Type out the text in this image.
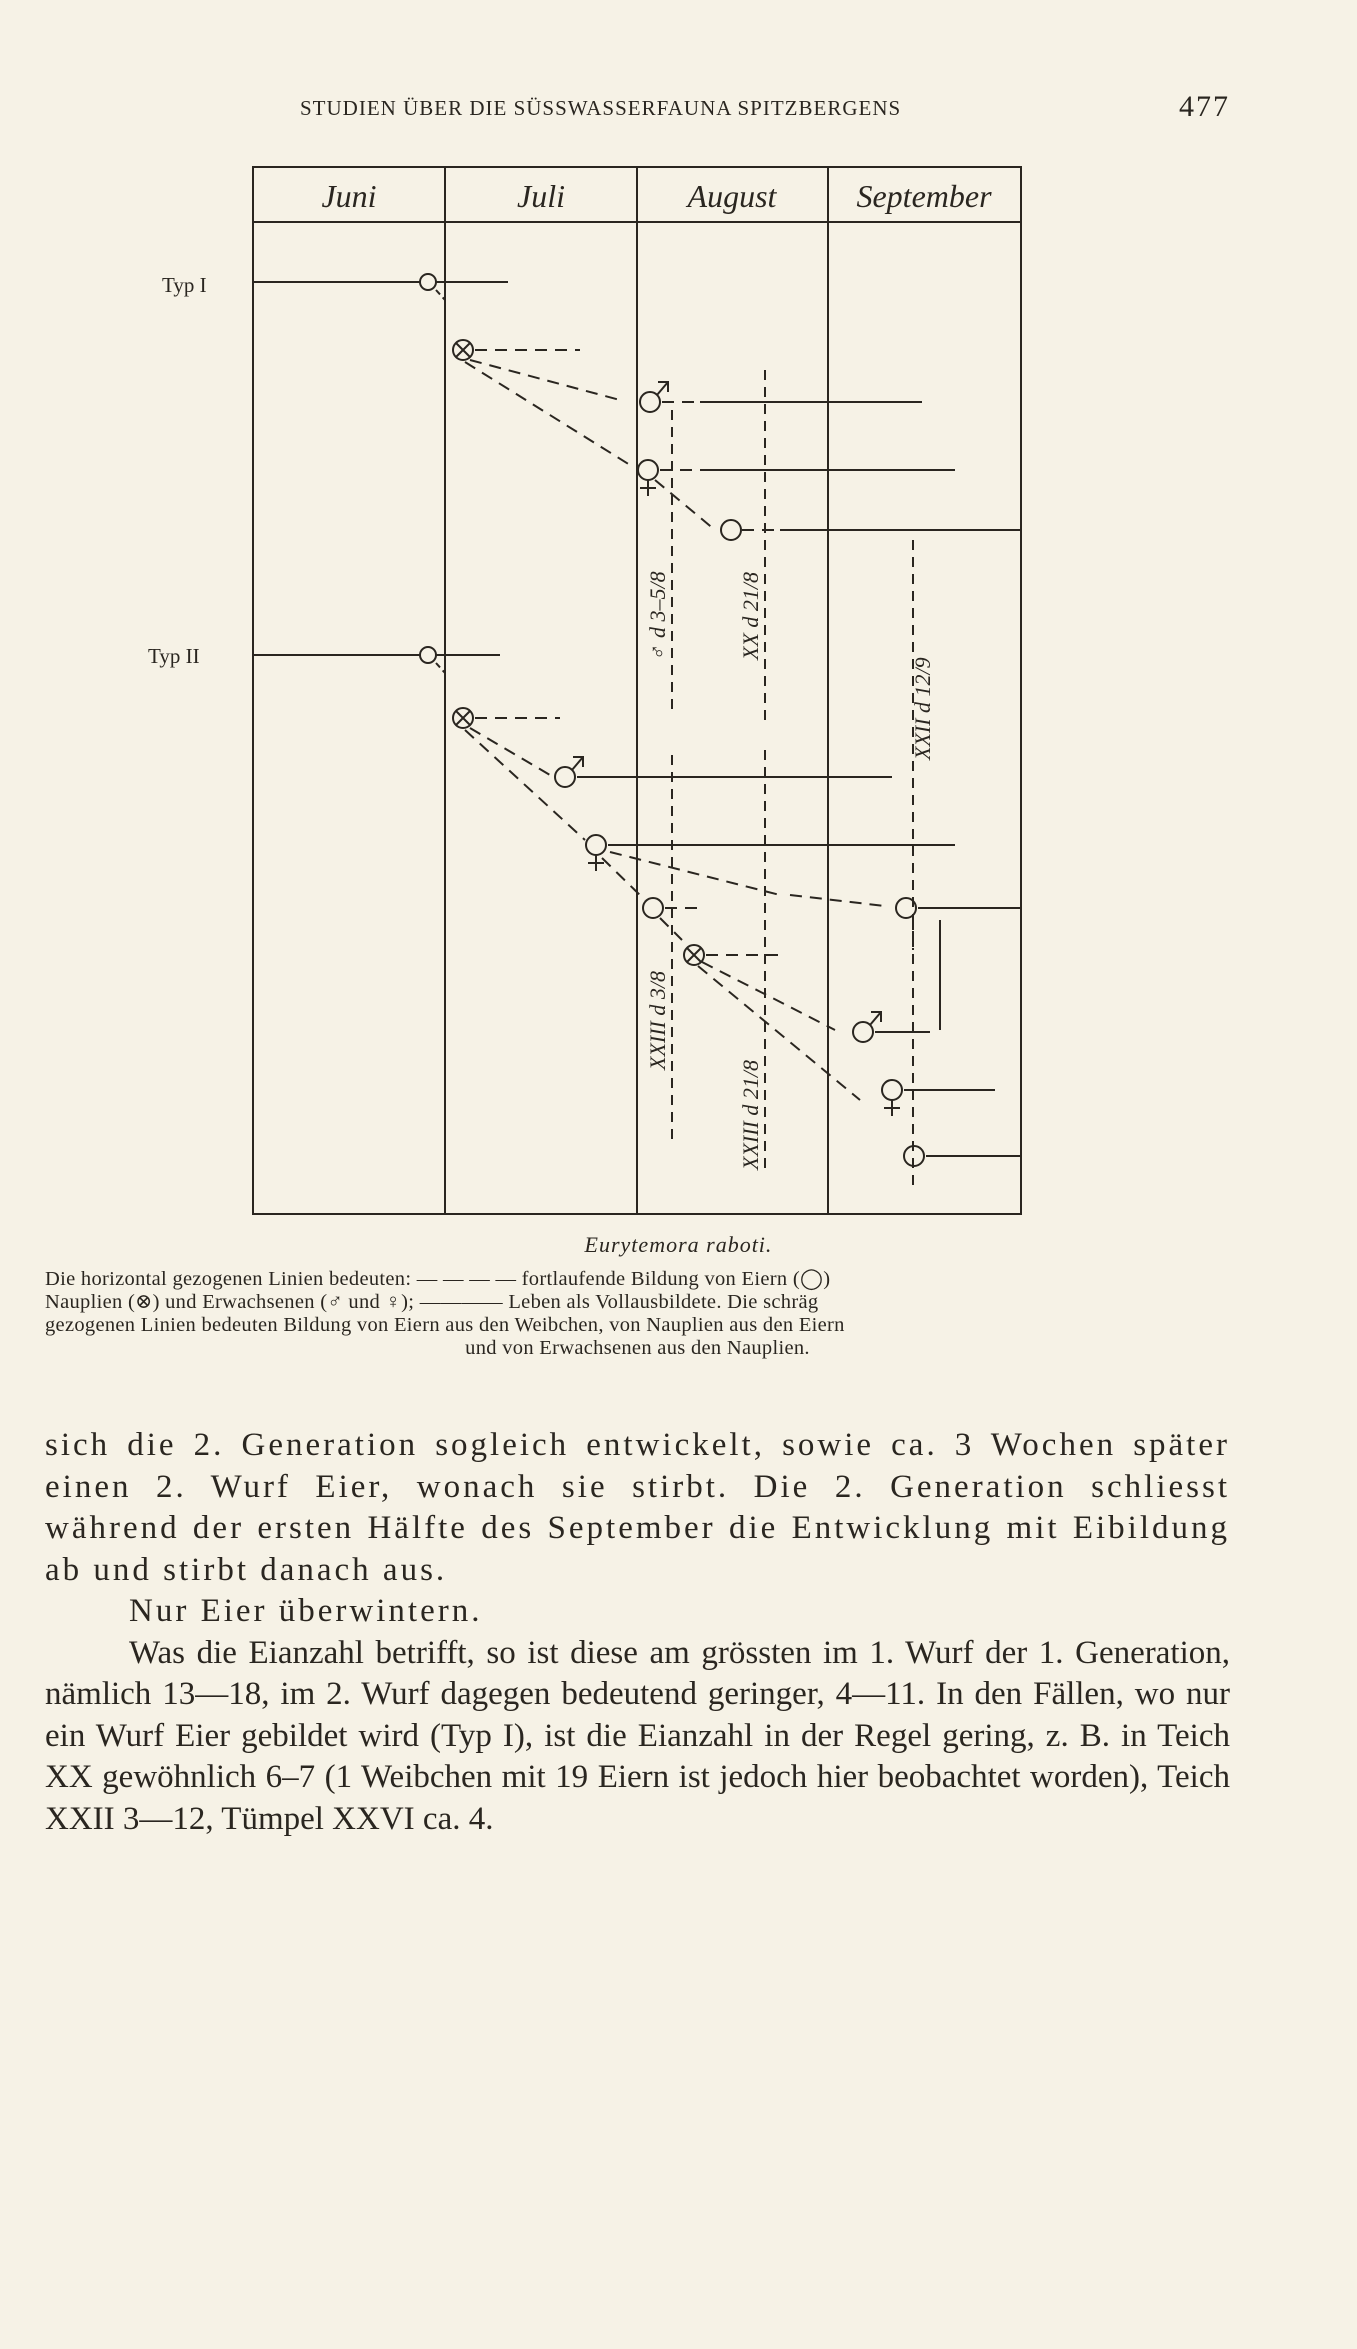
STUDIEN ÜBER DIE SÜSSWASSERFAUNA SPITZBERGENS	477
Juni	Juli	August	September
Typ I
Typ II	♂ d 3–5/8	XX d 21/8
XXII d 12/9
XXIII d 3/8
XXIII d 21/8
Eurytemora raboti.

Die horizontal gezogenen Linien bedeuten: — — — — fortlaufende Bildung von Eiern (◯)

Nauplien (⊗) und Erwachsenen (♂ und ♀); ———— Leben als Vollausbildete. Die schräg

gezogenen Linien bedeuten Bildung von Eiern aus den Weibchen, von Nauplien aus den Eiern

und von Erwachsenen aus den Nauplien.

sich die 2. Generation sogleich entwickelt, sowie ca. 3 Wochen später einen 2. Wurf Eier, wonach sie stirbt. Die 2. Generation schliesst während der ersten Hälfte des September die Entwicklung mit Eibildung ab und stirbt danach aus.

Nur Eier überwintern.

Was die Eianzahl betrifft, so ist diese am grössten im 1. Wurf der 1. Generation, nämlich 13—18, im 2. Wurf dagegen bedeutend geringer, 4—11. In den Fällen, wo nur ein Wurf Eier gebildet wird (Typ I), ist die Eianzahl in der Regel gering, z. B. in Teich XX gewöhnlich 6–7 (1 Weibchen mit 19 Eiern ist jedoch hier beobachtet worden), Teich XXII 3—12, Tümpel XXVI ca. 4.
